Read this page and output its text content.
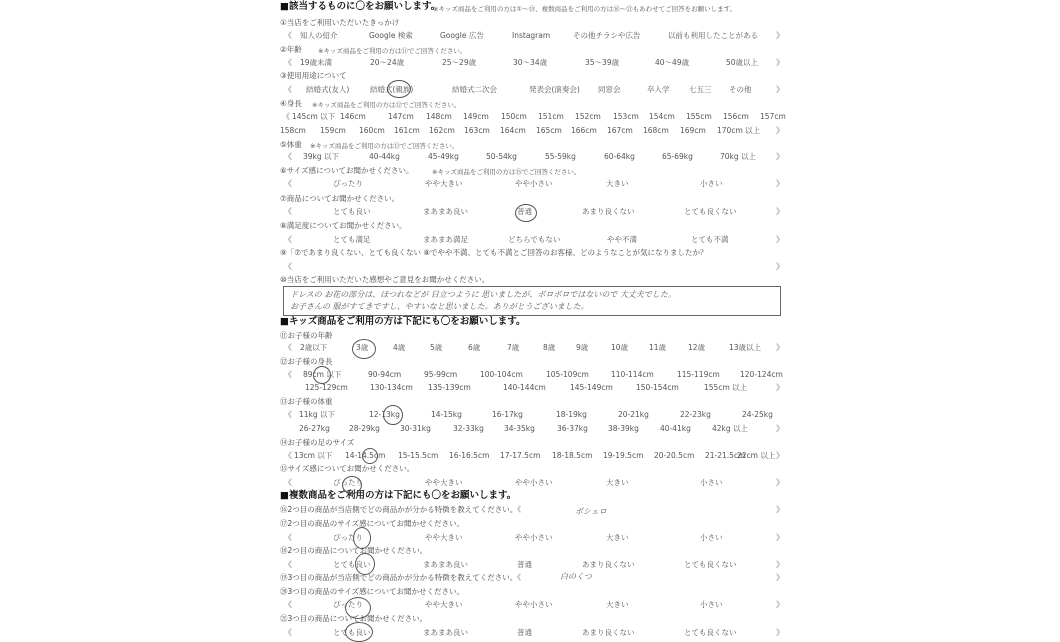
■該当するものに〇をお願いします。
※キッズ商品をご利用の方は①〜⑮、複数商品をご利用の方は⑯〜㉑もあわせてご回答をお願いします。
ドレスの お花の部分は、ほつれなどが 目立つように 思いましたが、ボロボロではないので 大丈夫でした。
お子さんの 服がすてきですし、やすいなと思いました。ありがとうございました。
■キッズ商品をご利用の方は下記にも〇をお願いします。
■複数商品をご利用の方は下記にも〇をお願いします。
ポシェロ
白のくつ
①当店をご利用いただいたきっかけ
《	》
知人の紹介	Google 検索	Google 広告	Instagram	その他チラシや広告	以前も利用したことがある
②年齢	※キッズ商品をご利用の方は⑪でご回答ください。
《	》
19歳未満	20〜24歳	25〜29歳	30〜34歳	35〜39歳	40〜49歳	50歳以上
③使用用途について
《	》
結婚式(友人)	結婚式(親族)	結婚式二次会	発表会(演奏会) 同窓会	卒入学	七五三 その他
④身長 ※キッズ商品をご利用の方は⑫でご回答ください。
《 145cm 以下 146cm	147cm 148cm 149cm 150cm 151cm 152cm 153cm 154cm 155cm 156cm 157cm
158cm 159cm 160cm 161cm 162cm 163cm 164cm 165cm 166cm 167cm 168cm 169cm 170cm 以上 》
⑤体重 ※キッズ商品をご利用の方は⑬でご回答ください。
《	》
39kg 以下	40-44kg	45-49kg	50-54kg	55-59kg	60-64kg	65-69kg	70kg 以上
⑥サイズ感についてお聞かせください。	※キッズ商品をご利用の方は⑮でご回答ください。
《	》
ぴったり	やや大きい	やや小さい	大きい	小さい
⑦商品についてお聞かせください。
《	》
とても良い	まあまあ良い	普通	あまり良くない	とても良くない
⑧満足度についてお聞かせください。
《	》
とても満足	まあまあ満足	どちらでもない	やや不満	とても不満
⑨「⑦であまり良くない、とても良くない ⑧でやや不満、とても不満とご回答のお客様、どのようなことが気になりましたか？
《	》
⑩当店をご利用いただいた感想やご意見をお聞かせください。
⑪お子様の年齢
《	》
2歳以下	3歳	4歳	5歳	6歳	7歳	8歳	9歳	10歳	11歳	12歳	13歳以上
⑫お子様の身長
《 89cm 以下	90-94cm	95-99cm	100-104cm	105-109cm	110-114cm	115-119cm	120-124cm
125-129cm	130-134cm 135-139cm	140-144cm	145-149cm	150-154cm	155cm 以上	》
⑬お子様の体重
《 11kg 以下	12-13kg	14-15kg	16-17kg	18-19kg	20-21kg	22-23kg	24-25kg
26-27kg	28-29kg	30-31kg	32-33kg	34-35kg	36-37kg	38-39kg	40-41kg	42kg 以上	》
⑭お子様の足のサイズ
《 13cm 以下 14-14.5cm 15-15.5cm 16-16.5cm 17-17.5cm 18-18.5cm 19-19.5cm 20-20.5cm 21-21.5cm
22cm 以上 》
⑮サイズ感についてお聞かせください。
《	》
ぴったり	やや大きい	やや小さい	大きい	小さい
⑯2つ目の商品が当店側でどの商品かが分かる特徴を教えてください。《	》
⑰2つ目の商品のサイズ感についてお聞かせください。
《	》
ぴったり	やや大きい	やや小さい	大きい	小さい
⑱2つ目の商品についてお聞かせください。
《	》
とても良い	まあまあ良い	普通	あまり良くない	とても良くない
⑲3つ目の商品が当店側でどの商品かが分かる特徴を教えてください。《	》
⑳3つ目の商品のサイズ感についてお聞かせください。
《	》
ぴったり	やや大きい	やや小さい	大きい	小さい
㉑3つ目の商品についてお聞かせください。
《	》
とても良い	まあまあ良い	普通	あまり良くない	とても良くない
